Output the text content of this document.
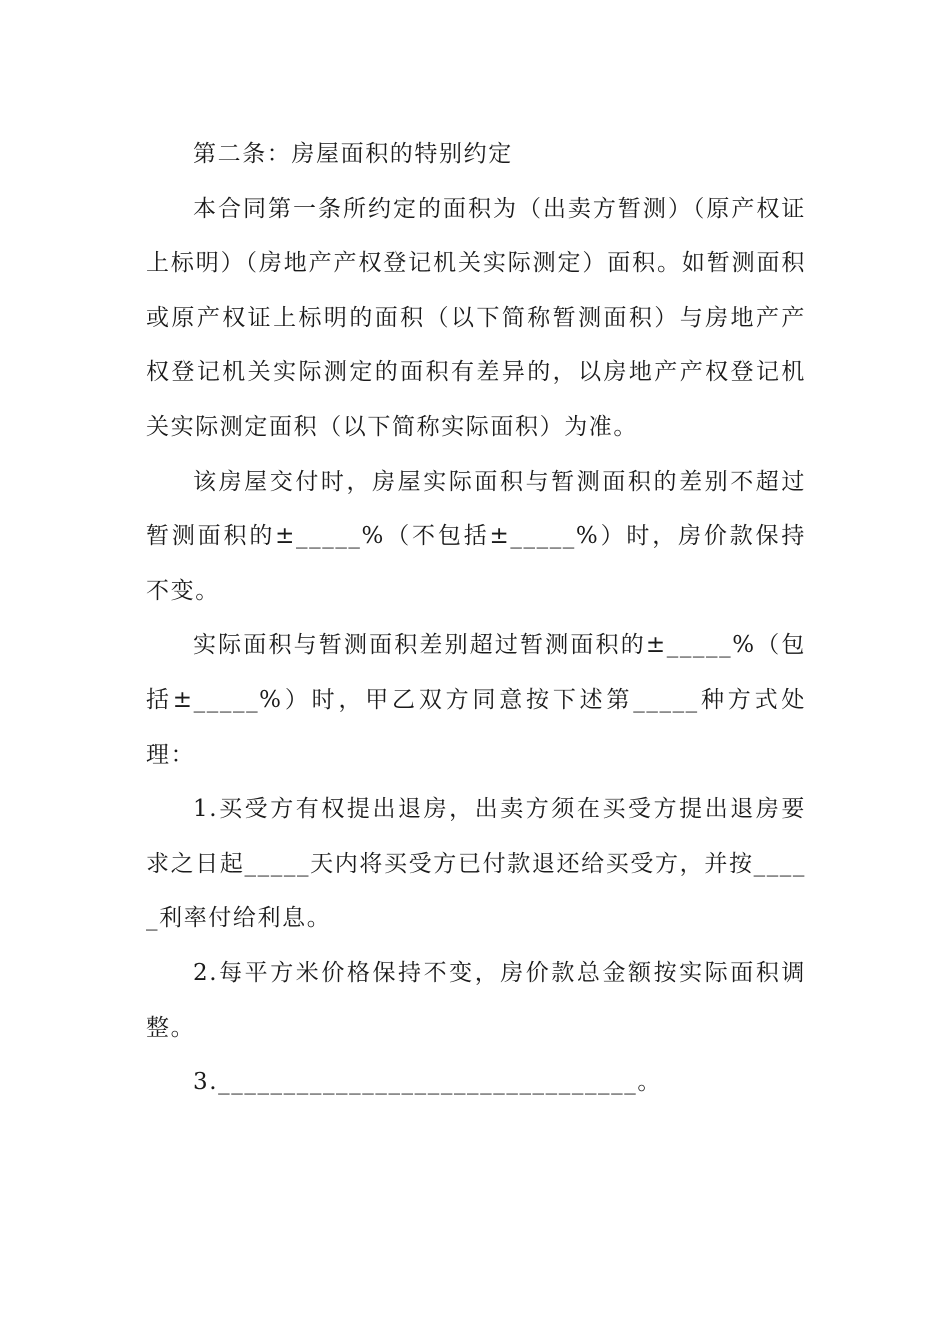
第二条：房屋面积的特别约定

本合同第一条所约定的面积为（出卖方暂测）（原产权证上标明）（房地产产权登记机关实际测定）面积。如暂测面积或原产权证上标明的面积（以下简称暂测面积）与房地产产权登记机关实际测定的面积有差异的，以房地产产权登记机关实际测定面积（以下简称实际面积）为准。

该房屋交付时，房屋实际面积与暂测面积的差别不超过暂测面积的±_____%（不包括±_____%）时，房价款保持不变。

实际面积与暂测面积差别超过暂测面积的±_____%（包括±_____%）时，甲乙双方同意按下述第_____种方式处理：

1.买受方有权提出退房，出卖方须在买受方提出退房要求之日起_____天内将买受方已付款退还给买受方，并按_____利率付给利息。

2.每平方米价格保持不变，房价款总金额按实际面积调整。

3.________________________________。
